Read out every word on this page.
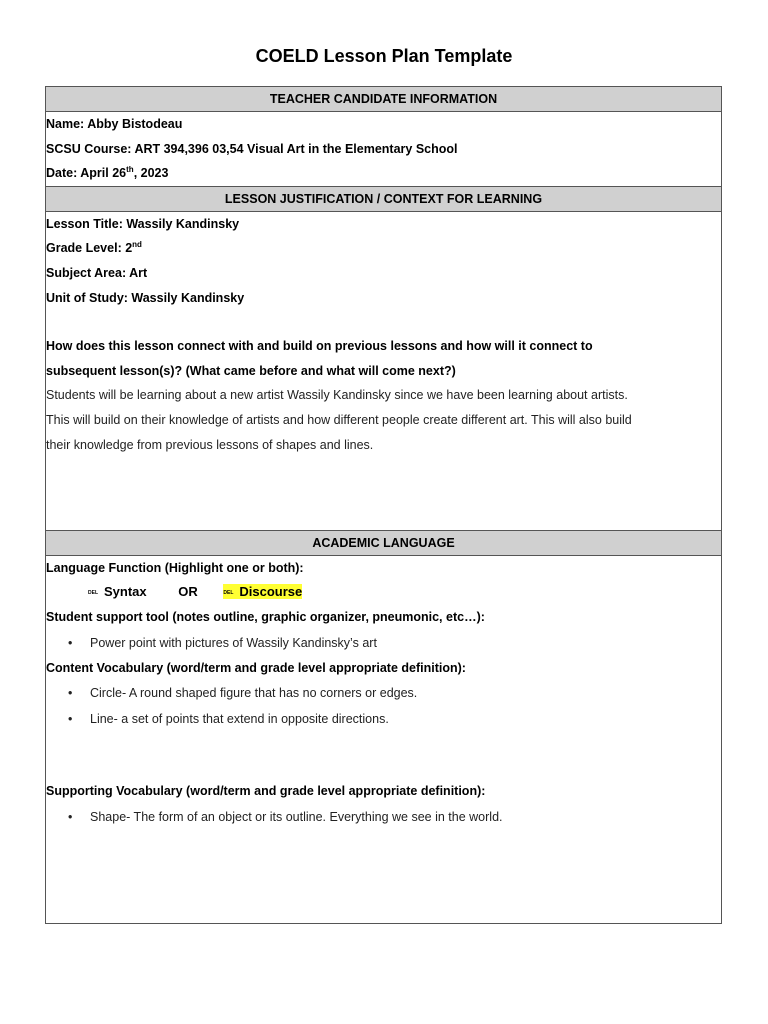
COELD Lesson Plan Template
TEACHER CANDIDATE INFORMATION

Name: Abby Bistodeau
SCSU Course: ART 394,396 03,54 Visual Art in the Elementary School
Date: April 26th, 2023

LESSON JUSTIFICATION / CONTEXT FOR LEARNING

Lesson Title: Wassily Kandinsky
Grade Level: 2nd
Subject Area: Art
Unit of Study: Wassily Kandinsky
How does this lesson connect with and build on previous lessons and how will it connect to
subsequent lesson(s)? (What came before and what will come next?)
Students will be learning about a new artist Wassily Kandinsky since we have been learning about artists.
This will build on their knowledge of artists and how different people create different art. This will also build
their knowledge from previous lessons of shapes and lines.

ACADEMIC LANGUAGE

Language Function (Highlight one or both):
DEL Syntax OR	DEL Discourse
Student support tool (notes outline, graphic organizer, pneumonic, etc…):
• Power point with pictures of Wassily Kandinsky’s art
Content Vocabulary (word/term and grade level appropriate definition):
• Circle- A round shaped figure that has no corners or edges.
• Line- a set of points that extend in opposite directions.
Supporting Vocabulary (word/term and grade level appropriate definition):
• Shape- The form of an object or its outline. Everything we see in the world.
